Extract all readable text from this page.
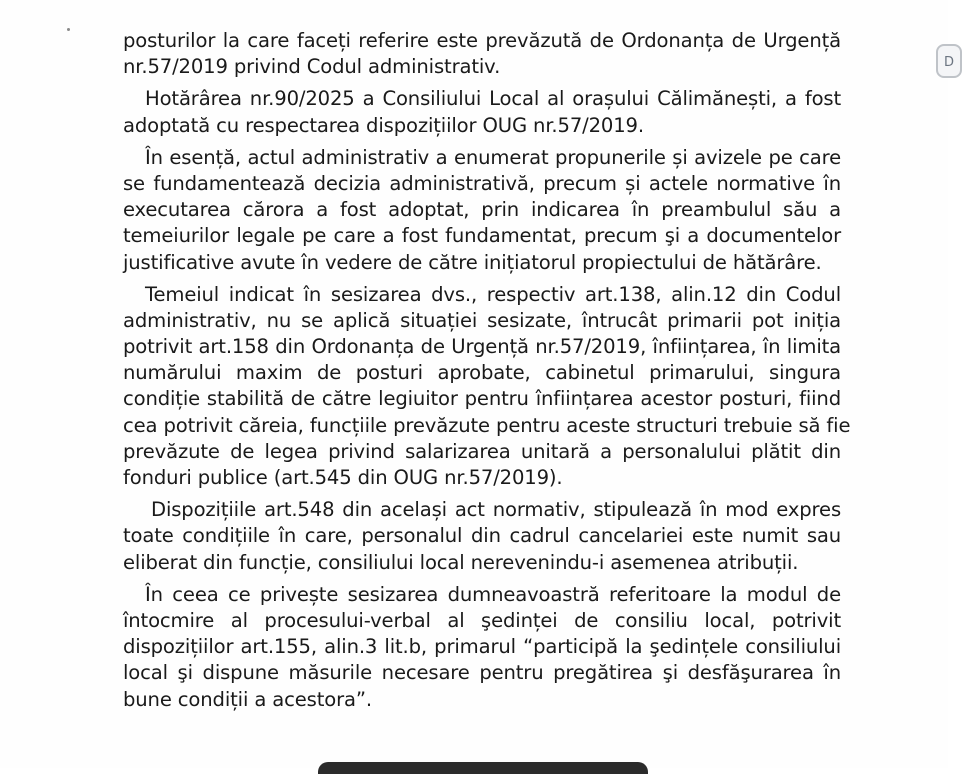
D
posturilor la care faceți referire este prevăzută de Ordonanța de Urgență
nr.57/2019 privind Codul administrativ.
Hotărârea nr.90/2025 a Consiliului Local al orașului Călimănești, a fost
adoptată cu respectarea dispozițiilor OUG nr.57/2019.
În esență, actul administrativ a enumerat propunerile și avizele pe care
se fundamentează decizia administrativă, precum și actele normative în
executarea cărora a fost adoptat, prin indicarea în preambulul său a
temeiurilor legale pe care a fost fundamentat, precum şi a documentelor
justificative avute în vedere de către inițiatorul propiectului de hătărâre.
Temeiul indicat în sesizarea dvs., respectiv art.138, alin.12 din Codul
administrativ, nu se aplică situației sesizate, întrucât primarii pot iniția
potrivit art.158 din Ordonanța de Urgență nr.57/2019, înființarea, în limita
numărului maxim de posturi aprobate, cabinetul primarului, singura
condiție stabilită de către legiuitor pentru înființarea acestor posturi, fiind
cea potrivit căreia, funcțiile prevăzute pentru aceste structuri trebuie să fie
prevăzute de legea privind salarizarea unitară a personalului plătit din
fonduri publice (art.545 din OUG nr.57/2019).
Dispozițiile art.548 din același act normativ, stipulează în mod expres
toate condițiile în care, personalul din cadrul cancelariei este numit sau
eliberat din funcție, consiliului local nerevenindu-i asemenea atribuții.
În ceea ce privește sesizarea dumneavoastră referitoare la modul de
întocmire al procesului-verbal al şedinței de consiliu local, potrivit
dispozițiilor art.155, alin.3 lit.b, primarul “participă la şedințele consiliului
local şi dispune măsurile necesare pentru pregătirea şi desfăşurarea în
bune condiții a acestora”.
